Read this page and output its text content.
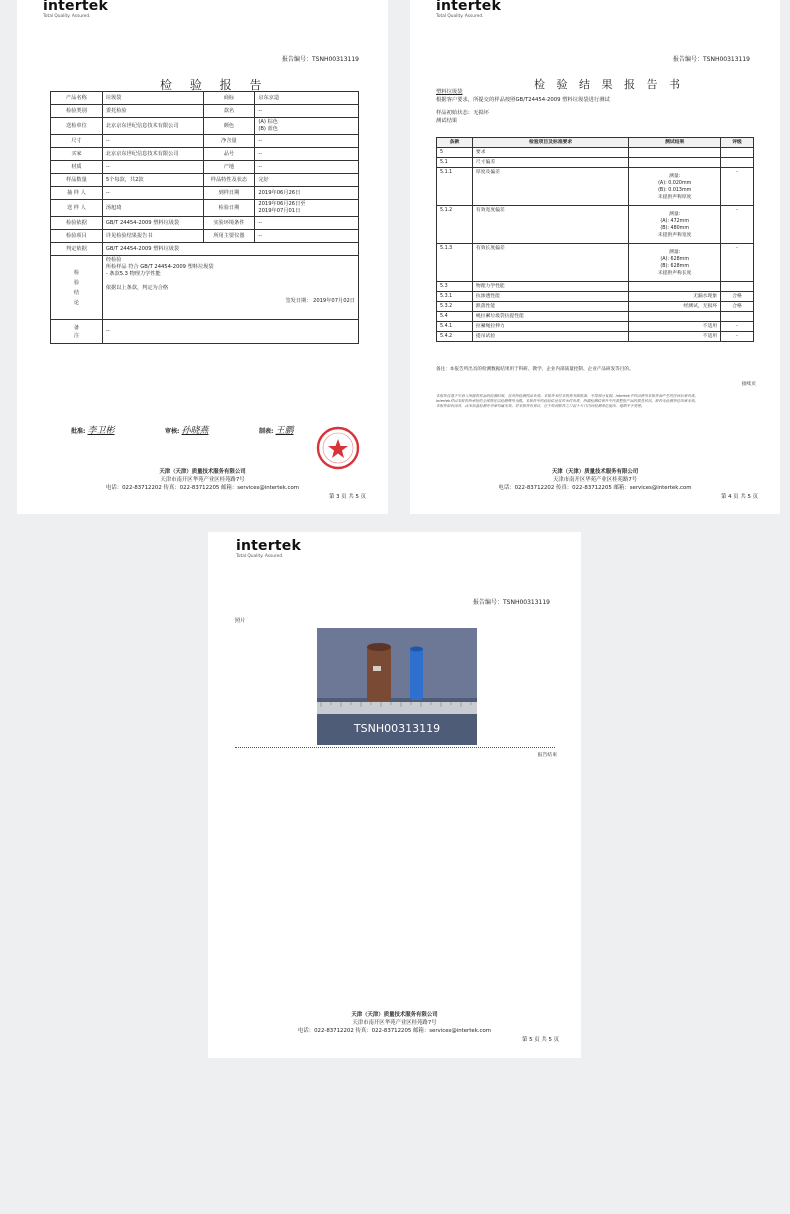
intertek
Total Quality. Assured.
报告编号：TSNH00313119
检 验 报 告
产品名称	垃圾袋	商标	京东京造
检验类别	委托检验	款名	--
送检单位	北京京东世纪信息技术有限公司	颜色	(A) 棕色
(B) 蓝色

尺寸	--	净含量	--
买家	北京京东世纪信息技术有限公司	品号	--
材质	--	产地	--
样品数量	5个每款，共2款	样品特性及状态	完好
抽 样 人	--	到样日期	2019年06月26日
送 样 人	汤旭琦	检验日期	2019年06月26日至
2019年07月01日

检验依据	GB/T 24454-2009 塑料垃圾袋	实验环境条件	--
检验项目	详见检验结果报告书	所用主要仪器	--
判定依据	GB/T 24454-2009 塑料垃圾袋		
检验结论	经检验
所检样品 符合 GB/T 24454-2009 塑料垃圾袋
- 条款5.3 物理力学性能
依据以上条款，判定为合格
签发日期： 2019年07月02日		

备注	--		
批准: 李卫彬	审核: 孙晓燕	制表: 王鹏
天津（天津）质量技术服务有限公司
天津市南开区华苑产业区桂苑路7号
电话：022-83712202 传真：022-83712205 邮箱：services@intertek.com
第 3 页 共 5 页
intertek
Total Quality. Assured.
报告编号：TSNH00313119
检 验 结 果 报 告 书
塑料垃圾袋
根据客户要求，所提交的样品按照GB/T24454-2009 塑料垃圾袋进行测试
样品初始状态：无损坏
测试结果
条款	检验项目及标准要求	测试结果	评级
5	要求		
5.1	尺寸偏差		
5.1.1	厚度及偏差	测量:
(A): 0.020mm
(B): 0.013mm
未提供声称厚度	-
5.1.2	有效宽度偏差	测量:
(A): 472mm
(B): 480mm
未提供声称宽度	-
5.1.3	有效长度偏差	测量:
(A): 628mm
(B): 628mm
未提供声称长度	-
5.3	物理力学性能		
5.3.1	抗渗透性能	无漏水现象	合格
5.3.2	跌落性能	经测试，无损坏	合格
5.4	绳拉紧垃圾袋抗提性能		
5.4.1	拉紧绳拉伸力	不适用	-
5.4.2	提吊试验	不适用	-
备注：本报告所出具的检测数据结果用于科研、教学、企业内部质量控制、企业产品研发等目的。
接续页
本报告仅基于申请人所提供样品的检测结果，仅对所检测样品负责。本报告未经本机构书面批准，不得部分复制。Intertek不对因使用本报告而产生的任何后果负责。
Intertek对因本报告所承担的全部责任以检测费用为限。本报告中的检验结论仅对来样负责，所载检测结果并不代表整批产品的质量状况。报告无检测单位印章无效。
本报告如有涂改，或未加盖检测专用章均属无效。对本报告有异议，应于收到报告之日起十五日内向检测单位提出，逾期不予受理。
天津（天津）质量技术服务有限公司
天津市南开区华苑产业区桂苑路7号
电话：022-83712202 传真：022-83712205 邮箱：services@intertek.com
第 4 页 共 5 页
intertek
Total Quality. Assured.
报告编号：TSNH00313119
照片
TSNH00313119
报告结束
天津（天津）质量技术服务有限公司
天津市南开区华苑产业区桂苑路7号
电话：022-83712202 传真：022-83712205 邮箱：services@intertek.com
第 5 页 共 5 页
